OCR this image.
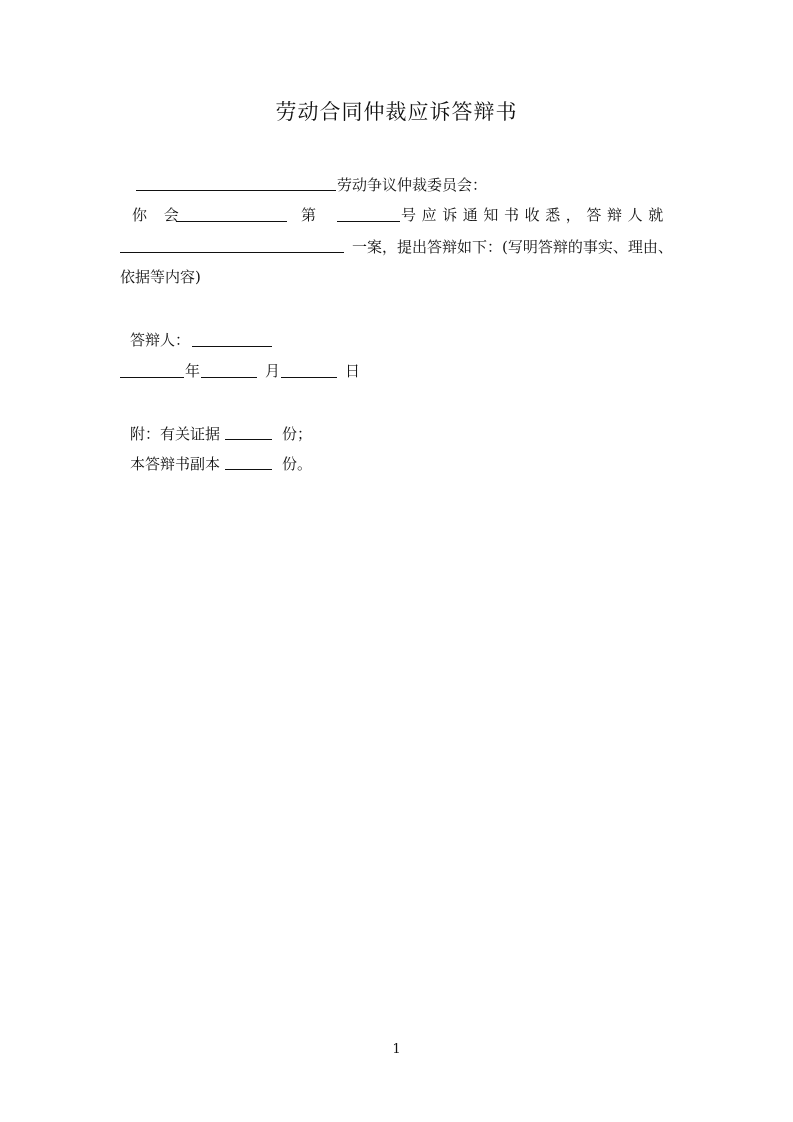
劳动合同仲裁应诉答辩书
劳动争议仲裁委员会：
你 会	第	号应诉通知书收悉，答辩人就
一案，提出答辩如下：(写明答辩的事实、理由、
依据等内容)
答辩人：
年	月	日
附：有关证据	份；
本答辩书副本	份。
1
